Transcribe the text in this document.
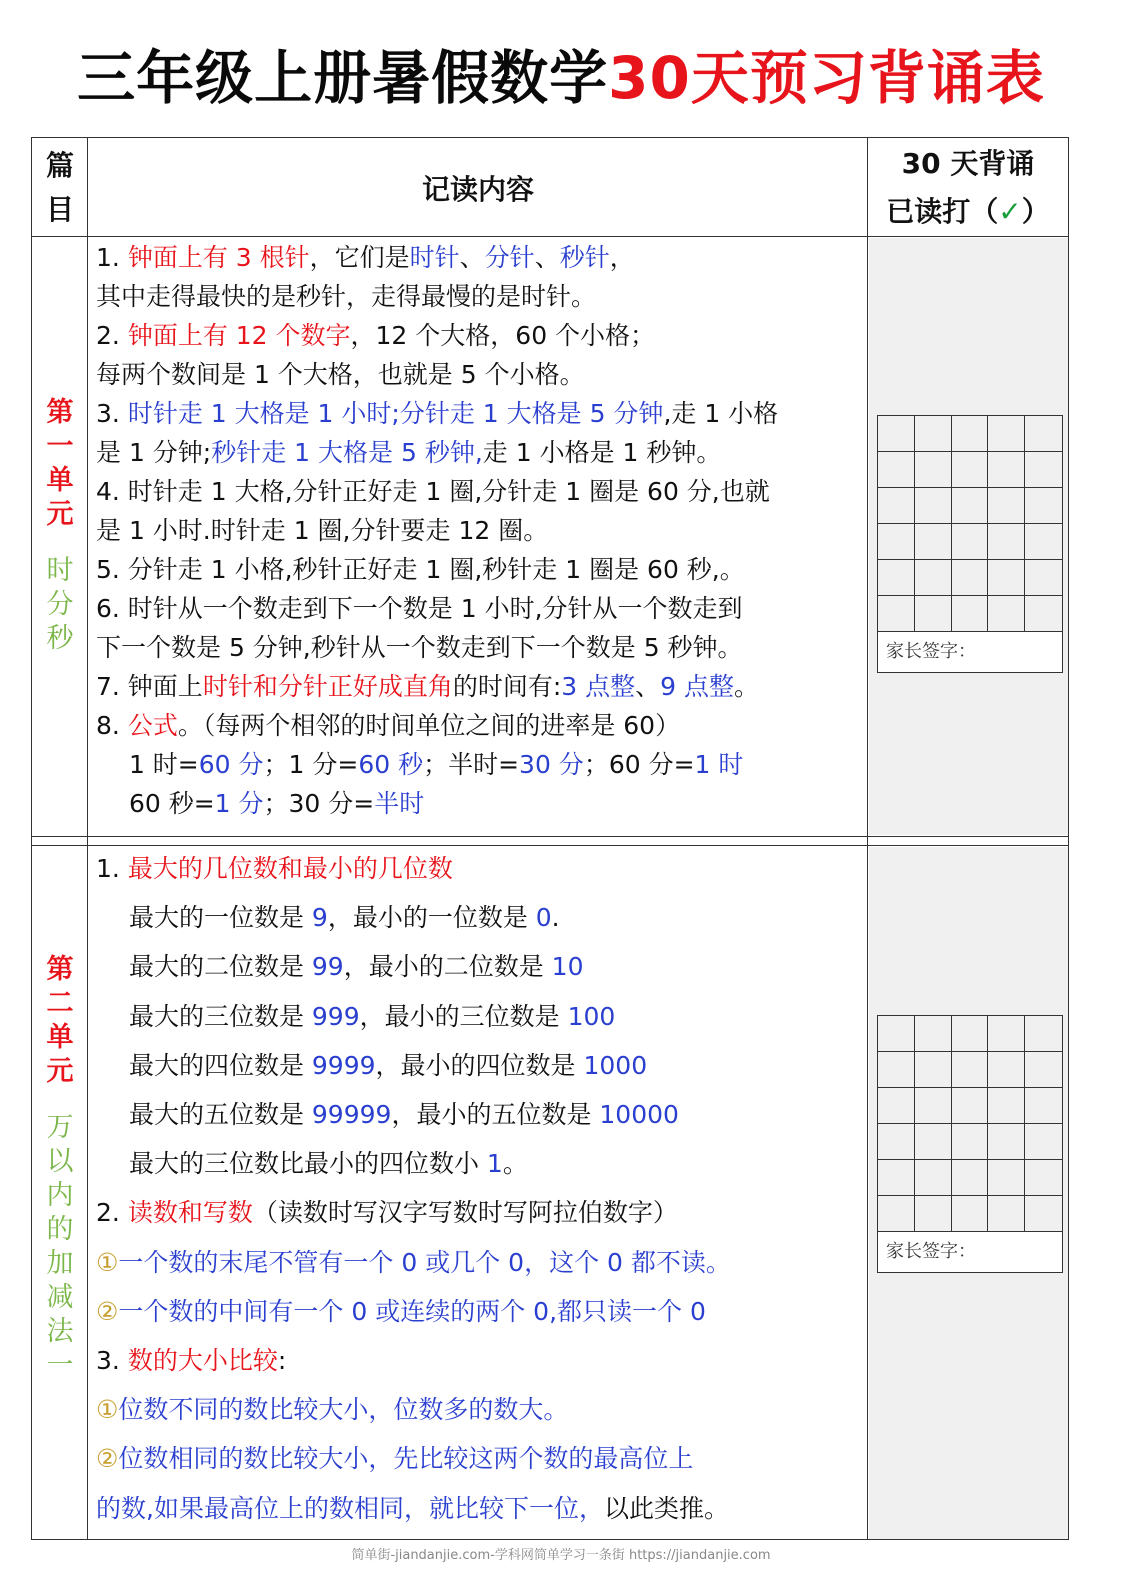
三年级上册暑假数学30天预习背诵表
篇
目
记读内容
30 天背诵
已读打（✓）
家长签字：
第
一
单
元
时
分
秒
1. 钟面上有 3 根针，它们是时针、分针、秒针，
其中走得最快的是秒针，走得最慢的是时针。
2. 钟面上有 12 个数字，12 个大格，60 个小格；
每两个数间是 1 个大格，也就是 5 个小格。
3. 时针走 1 大格是 1 小时;分针走 1 大格是 5 分钟,走 1 小格
是 1 分钟;秒针走 1 大格是 5 秒钟,走 1 小格是 1 秒钟。
4. 时针走 1 大格,分针正好走 1 圈,分针走 1 圈是 60 分,也就
是 1 小时.时针走 1 圈,分针要走 12 圈。
5. 分针走 1 小格,秒针正好走 1 圈,秒针走 1 圈是 60 秒,。
6. 时针从一个数走到下一个数是 1 小时,分针从一个数走到
下一个数是 5 分钟,秒针从一个数走到下一个数是 5 秒钟。
7. 钟面上时针和分针正好成直角的时间有:3 点整、9 点整。
8. 公式。（每两个相邻的时间单位之间的进率是 60）
　 1 时=60 分；1 分=60 秒；半时=30 分；60 分=1 时
　 60 秒=1 分；30 分=半时
家长签字：
第
二
单
元
万
以
内
的
加
减
法
一
1. 最大的几位数和最小的几位数
　 最大的一位数是 9，最小的一位数是 0.
　 最大的二位数是 99，最小的二位数是 10
　 最大的三位数是 999，最小的三位数是 100
　 最大的四位数是 9999，最小的四位数是 1000
　 最大的五位数是 99999，最小的五位数是 10000
　 最大的三位数比最小的四位数小 1。
2. 读数和写数（读数时写汉字写数时写阿拉伯数字）
①一个数的末尾不管有一个 0 或几个 0，这个 0 都不读。
②一个数的中间有一个 0 或连续的两个 0,都只读一个 0
3. 数的大小比较:
①位数不同的数比较大小，位数多的数大。
②位数相同的数比较大小，先比较这两个数的最高位上
的数,如果最高位上的数相同，就比较下一位，以此类推。
简单街-jiandanjie.com-学科网简单学习一条街 https://jiandanjie.com
